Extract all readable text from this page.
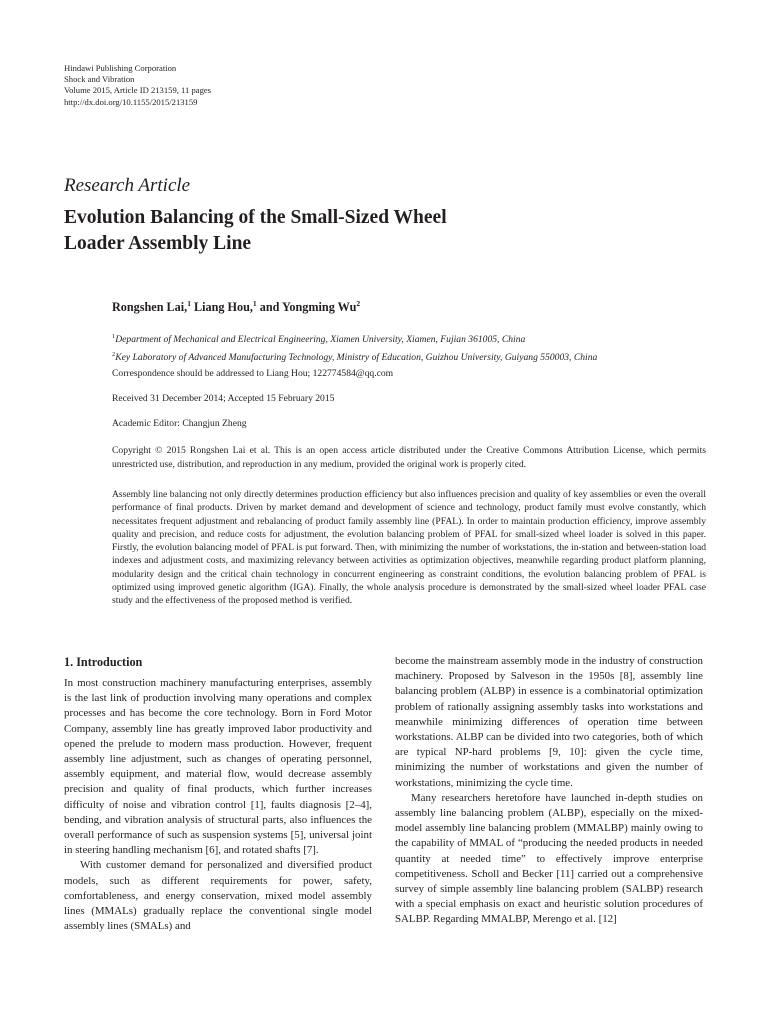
Hindawi Publishing Corporation
Shock and Vibration
Volume 2015, Article ID 213159, 11 pages
http://dx.doi.org/10.1155/2015/213159
Research Article
Evolution Balancing of the Small-Sized Wheel
Loader Assembly Line
Rongshen Lai,$^1$ Liang Hou,$^1$ and Yongming Wu$^2$
$^1$Department of Mechanical and Electrical Engineering, Xiamen University, Xiamen, Fujian 361005, China
$^2$Key Laboratory of Advanced Manufacturing Technology, Ministry of Education, Guizhou University, Guiyang 550003, China
Correspondence should be addressed to Liang Hou; 122774584@qq.com
Received 31 December 2014; Accepted 15 February 2015
Academic Editor: Changjun Zheng
Copyright © 2015 Rongshen Lai et al. This is an open access article distributed under the Creative Commons Attribution License, which permits unrestricted use, distribution, and reproduction in any medium, provided the original work is properly cited.
Assembly line balancing not only directly determines production efficiency but also influences precision and quality of key assemblies or even the overall performance of final products. Driven by market demand and development of science and technology, product family must evolve constantly, which necessitates frequent adjustment and rebalancing of product family assembly line (PFAL). In order to maintain production efficiency, improve assembly quality and precision, and reduce costs for adjustment, the evolution balancing problem of PFAL for small-sized wheel loader is solved in this paper. Firstly, the evolution balancing model of PFAL is put forward. Then, with minimizing the number of workstations, the in-station and between-station load indexes and adjustment costs, and maximizing relevancy between activities as optimization objectives, meanwhile regarding product platform planning, modularity design and the critical chain technology in concurrent engineering as constraint conditions, the evolution balancing problem of PFAL is optimized using improved genetic algorithm (IGA). Finally, the whole analysis procedure is demonstrated by the small-sized wheel loader PFAL case study and the effectiveness of the proposed method is verified.
1. Introduction

In most construction machinery manufacturing enterprises, assembly is the last link of production involving many operations and complex processes and has become the core technology. Born in Ford Motor Company, assembly line has greatly improved labor productivity and opened the prelude to modern mass production. However, frequent assembly line adjustment, such as changes of operating personnel, assembly equipment, and material flow, would decrease assembly precision and quality of final products, which further increases difficulty of noise and vibration control [1], faults diagnosis [2–4], bending, and vibration analysis of structural parts, also influences the overall performance of such as suspension systems [5], universal joint in steering handling mechanism [6], and rotated shafts [7].

With customer demand for personalized and diversified product models, such as different requirements for power, safety, comfortableness, and energy conservation, mixed model assembly lines (MMALs) gradually replace the conventional single model assembly lines (SMALs) and

become the mainstream assembly mode in the industry of construction machinery. Proposed by Salveson in the 1950s [8], assembly line balancing problem (ALBP) in essence is a combinatorial optimization problem of rationally assigning assembly tasks into workstations and meanwhile minimizing differences of operation time between workstations. ALBP can be divided into two categories, both of which are typical NP-hard problems [9, 10]: given the cycle time, minimizing the number of workstations and given the number of workstations, minimizing the cycle time.

Many researchers heretofore have launched in-depth studies on assembly line balancing problem (ALBP), especially on the mixed-model assembly line balancing problem (MMALBP) mainly owing to the capability of MMAL of “producing the needed products in needed quantity at needed time” to effectively improve enterprise competitiveness. Scholl and Becker [11] carried out a comprehensive survey of simple assembly line balancing problem (SALBP) research with a special emphasis on exact and heuristic solution procedures of SALBP. Regarding MMALBP, Merengo et al. [12]
